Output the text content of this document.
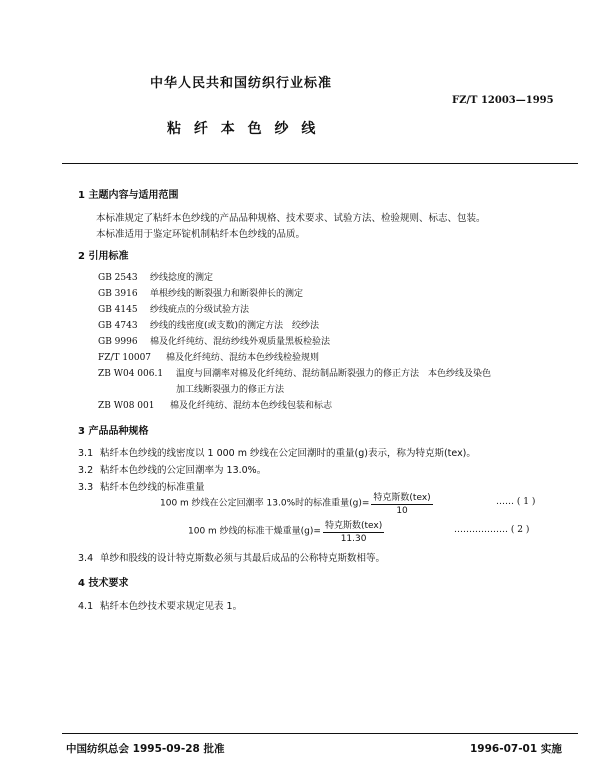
中华人民共和国纺织行业标准
FZ/T 12003—1995
粘 纤 本 色 纱 线
1 主题内容与适用范围
本标准规定了粘纤本色纱线的产品品种规格、技术要求、试验方法、检验规则、标志、包装。
本标准适用于鉴定环锭机制粘纤本色纱线的品质。
2 引用标准
GB 2543 纱线捻度的测定
GB 3916 单根纱线的断裂强力和断裂伸长的测定
GB 4145 纱线疵点的分级试验方法
GB 4743 纱线的线密度(或支数)的测定方法　绞纱法
GB 9996 棉及化纤纯纺、混纺纱线外观质量黑板检验法
FZ/T 10007 棉及化纤纯纺、混纺本色纱线检验规则
ZB W04 006.1 温度与回潮率对棉及化纤纯纺、混纺制品断裂强力的修正方法　本色纱线及染色
加工线断裂强力的修正方法
ZB W08 001 棉及化纤纯纺、混纺本色纱线包装和标志
3 产品品种规格
3.1 粘纤本色纱线的线密度以 1 000 m 纱线在公定回潮时的重量(g)表示，称为特克斯(tex)。
3.2 粘纤本色纱线的公定回潮率为 13.0%。
3.3 粘纤本色纱线的标准重量
100 m 纱线在公定回潮率 13.0%时的标准重量$(g)= \frac{\text{特克斯数(tex)}}{10}$	…… ( 1 )
100 m 纱线的标准干燥重量$(g)= \frac{\text{特克斯数(tex)}}{11.30}$	……………… ( 2 )
3.4 单纱和股线的设计特克斯数必须与其最后成品的公称特克斯数相等。
4 技术要求
4.1 粘纤本色纱技术要求规定见表 1。
中国纺织总会 1995-09-28 批准	1996-07-01 实施
